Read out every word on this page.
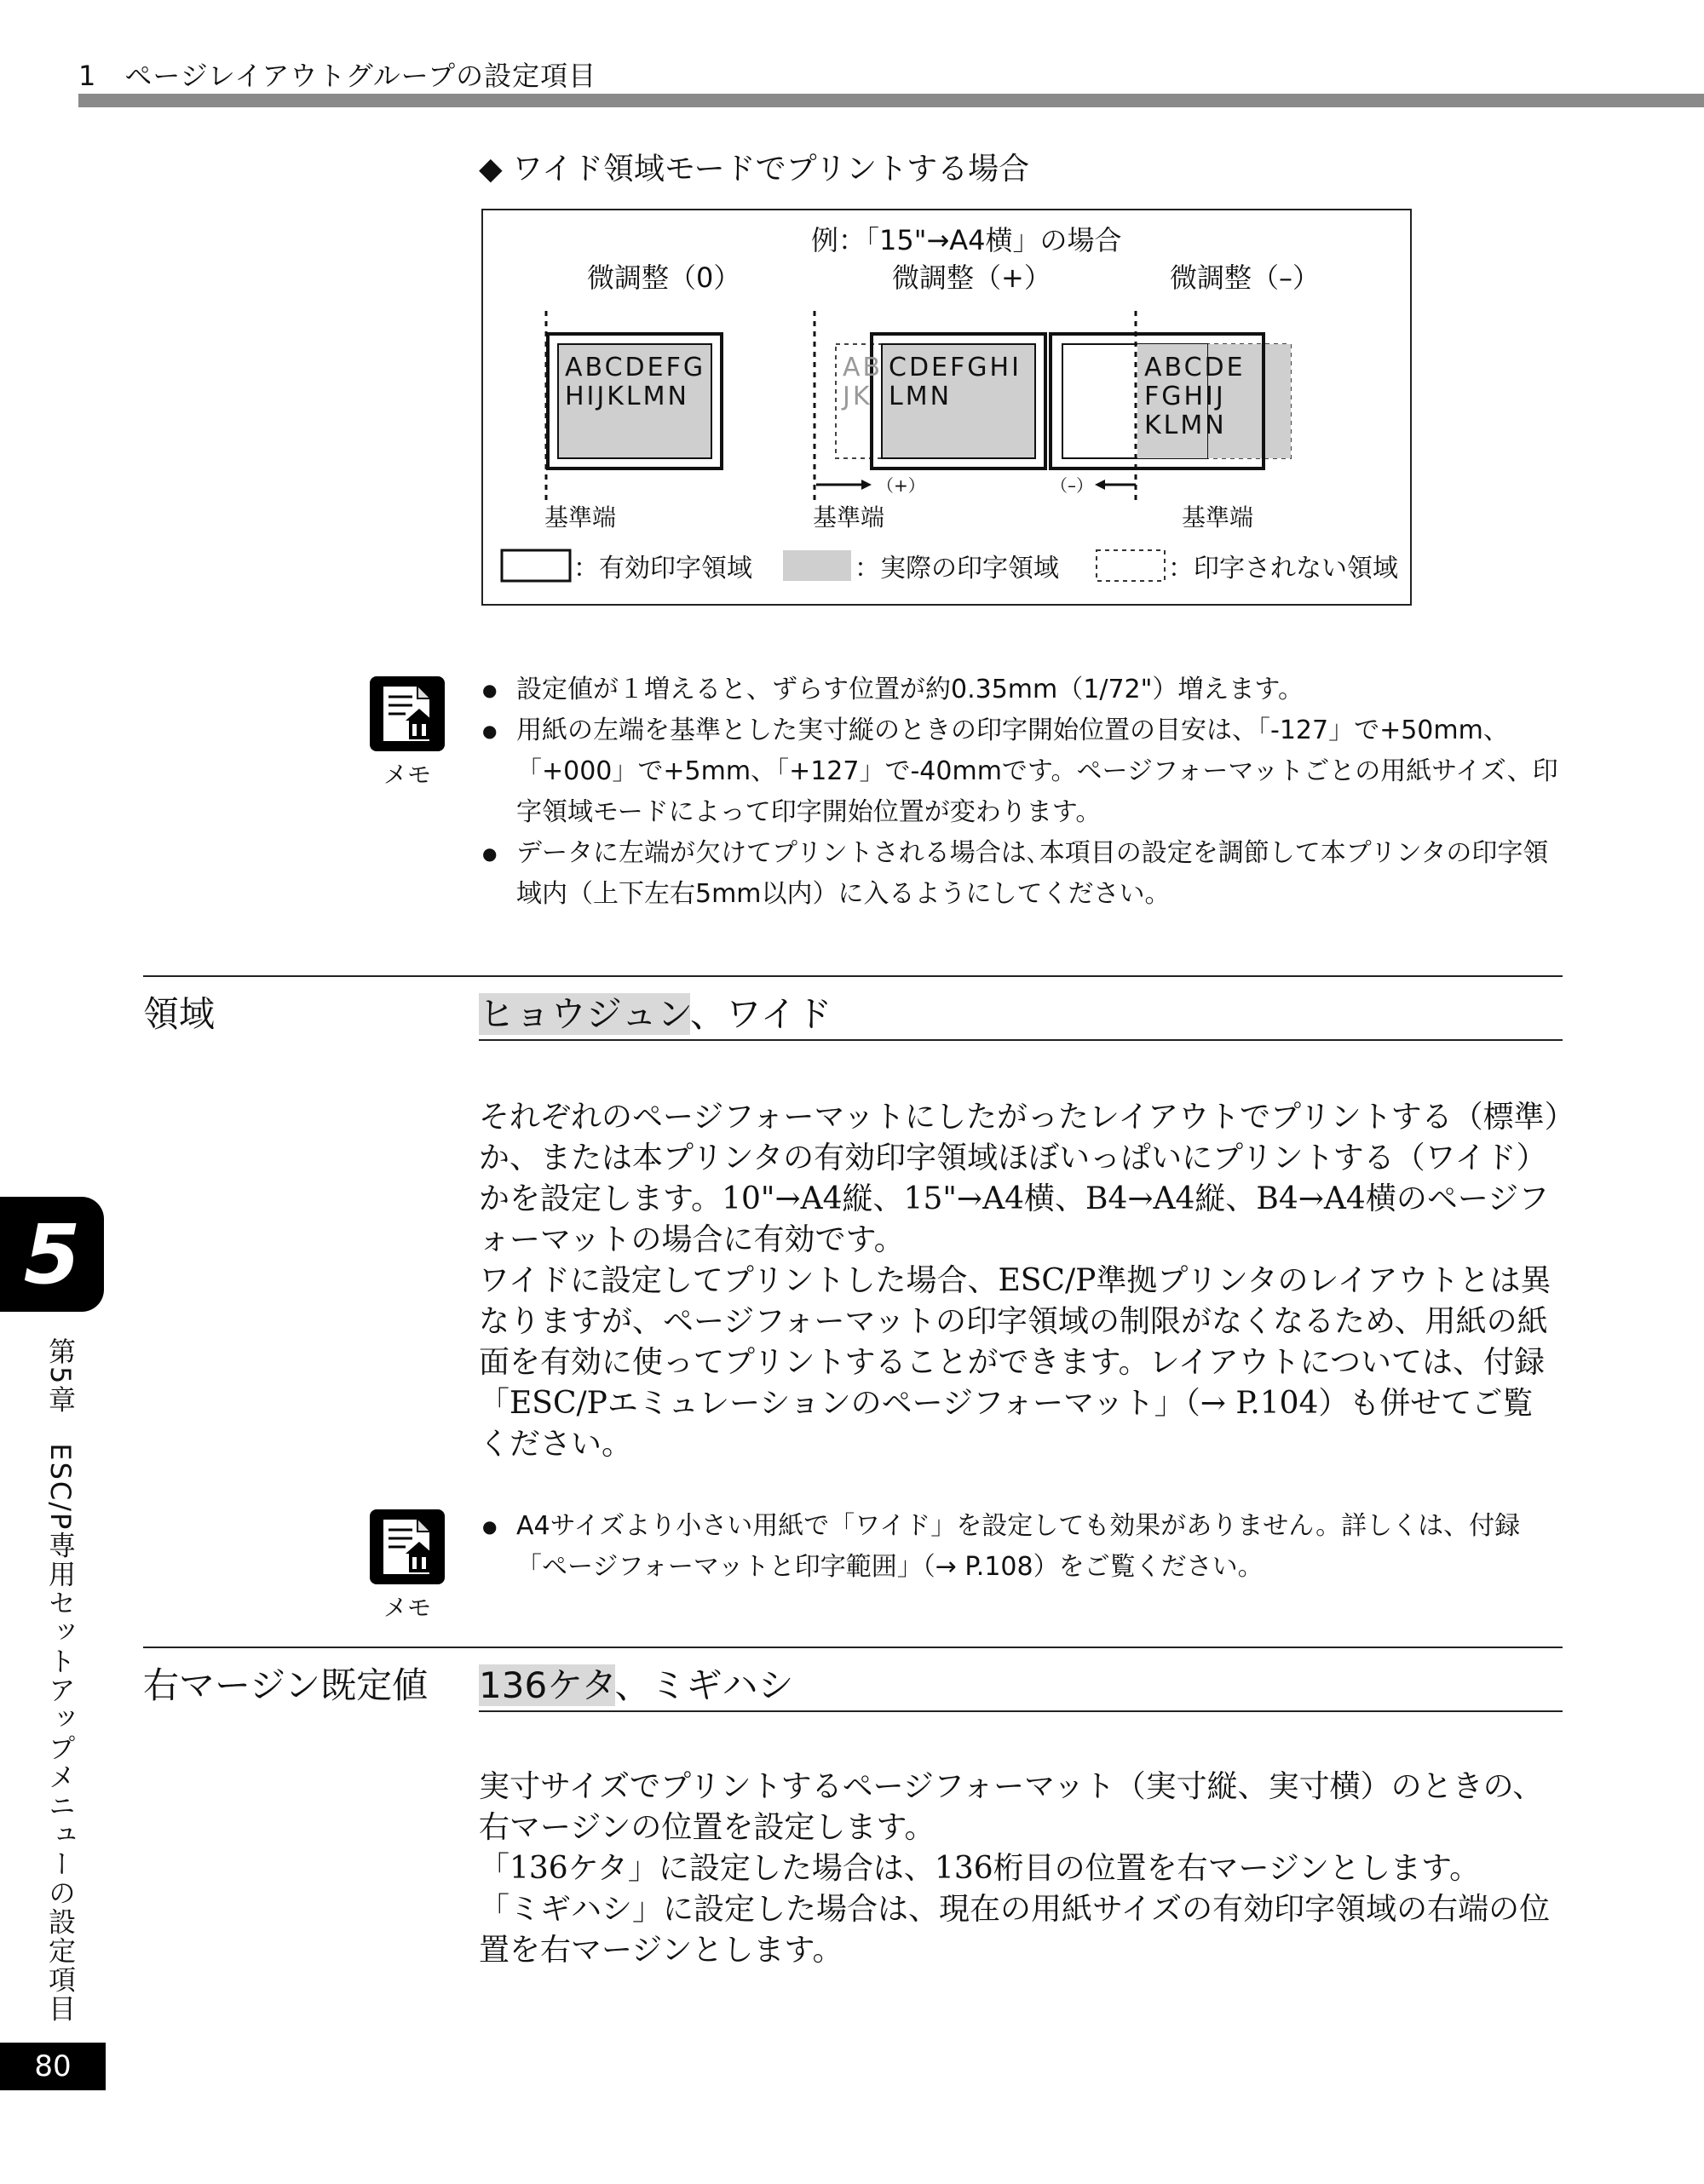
1　ページレイアウトグループの設定項目
◆ ワイド領域モードでプリントする場合
例：「15"→A4横」の場合
微調整（0）	微調整（+）	微調整（–）
ABCDEFG
HIJKLMN
基準端
AB
JK
CDEFGHI
LMN
（+）
基準端
ABCDE
FGHIJ
KLMN
（–）
基準端
：有効印字領域	：実際の印字領域	：印字されない領域
メモ
● 設定値が１増えると、ずらす位置が約0.35mm（1/72"）増えます。
● 用紙の左端を基準とした実寸縦のときの印字開始位置の目安は、「-127」で+50mm、「+000」で+5mm、「+127」で-40mmです。ページフォーマットごとの用紙サイズ、印字領域モードによって印字開始位置が変わります。
● データに左端が欠けてプリントされる場合は､本項目の設定を調節して本プリンタの印字領域内（上下左右5mm以内）に入るようにしてください。
領域	ヒョウジュン、ワイド

それぞれのページフォーマットにしたがったレイアウトでプリントする（標準）か、または本プリンタの有効印字領域ほぼいっぱいにプリントする（ワイド）かを設定します。10"→A4縦、15"→A4横、B4→A4縦、B4→A4横のページフォーマットの場合に有効です。

ワイドに設定してプリントした場合、ESC/P準拠プリンタのレイアウトとは異なりますが、ページフォーマットの印字領域の制限がなくなるため、用紙の紙面を有効に使ってプリントすることができます。レイアウトについては、付録「ESC/Pエミュレーションのページフォーマット」（→ P.104）も併せてご覧ください。

メモ
● A4サイズより小さい用紙で「ワイド」を設定しても効果がありません。詳しくは、付録「ページフォーマットと印字範囲」（→ P.108）をご覧ください。
右マージン既定値 136ケタ、ミギハシ

実寸サイズでプリントするページフォーマット（実寸縦、実寸横）のときの、右マージンの位置を設定します。

「136ケタ」に設定した場合は、136桁目の位置を右マージンとします。

「ミギハシ」に設定した場合は、現在の用紙サイズの有効印字領域の右端の位置を右マージンとします。

5
第5章　ESC/P専用セットアップメニューの設定項目
80
